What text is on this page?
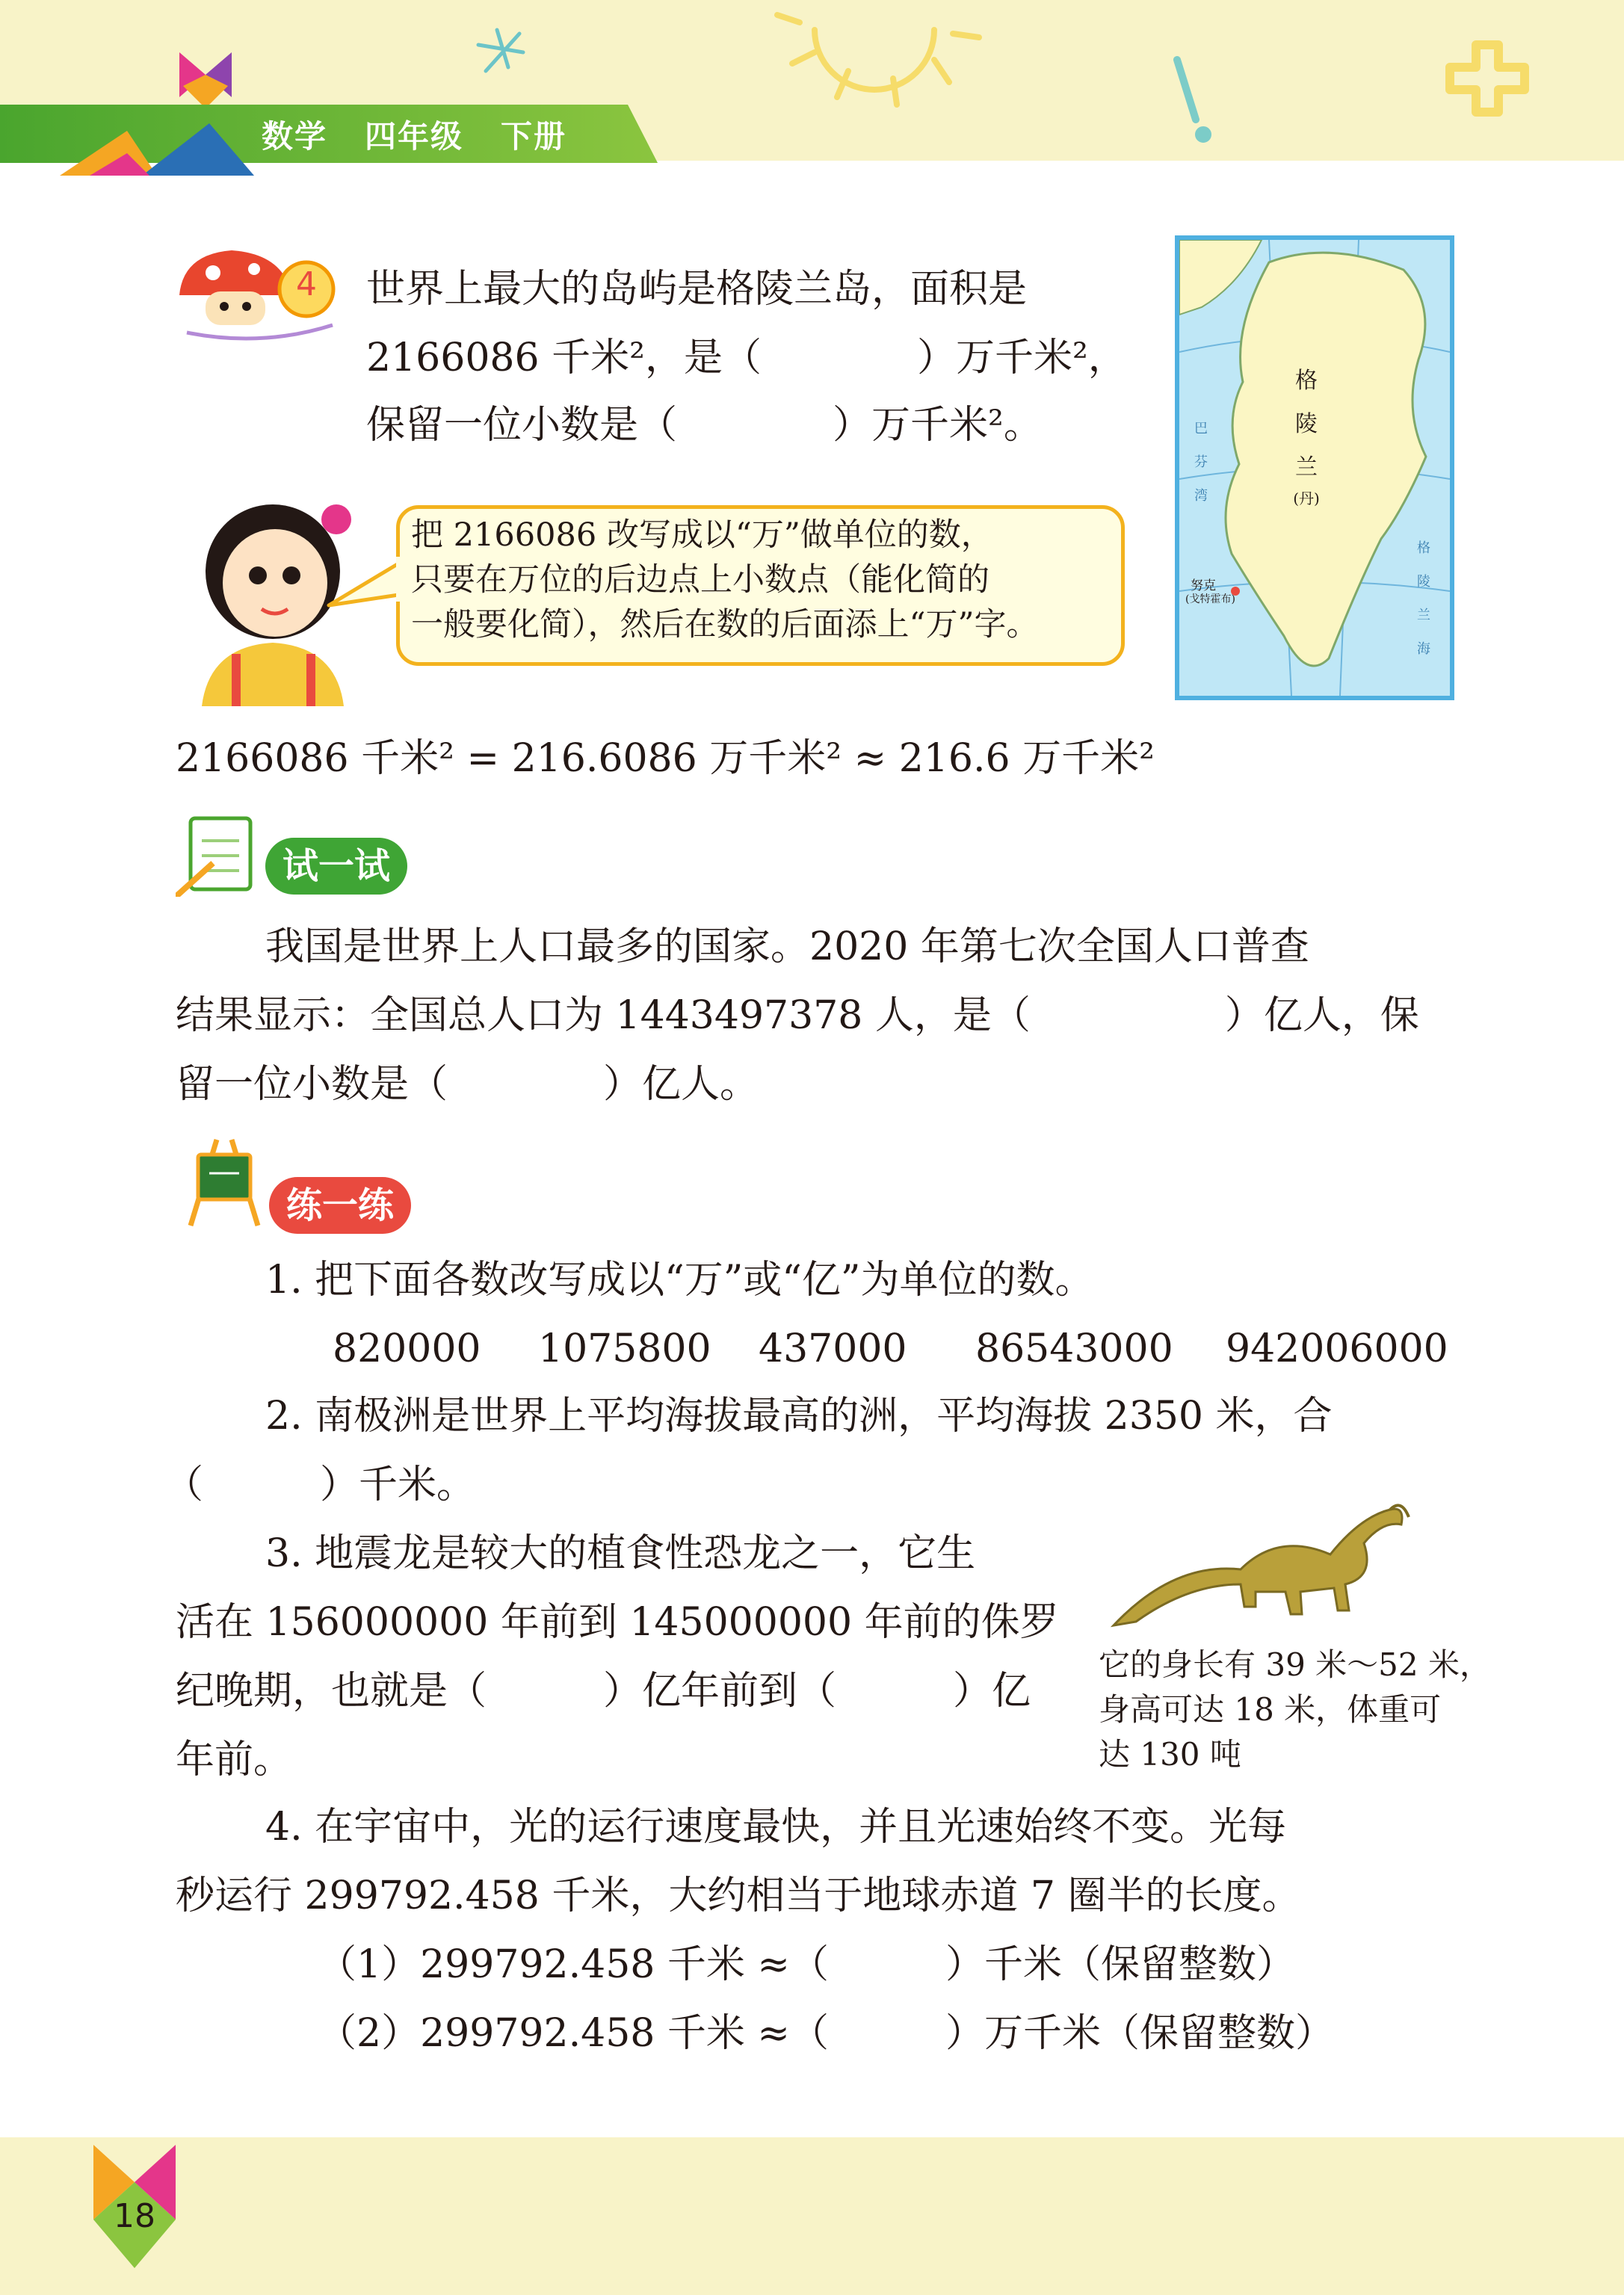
数学 四年级 下册
4	世界上最大的岛屿是格陵兰岛，面积是
2166086 千米²，是（　　　　）万千米²，
保留一位小数是（　　　　）万千米²。
把 2166086 改写成以“万”做单位的数，
只要在万位的后边点上小数点（能化简的
一般要化简），然后在数的后面添上“万”字。
格
陵
兰
(丹)
努克
(戈特霍布)
巴
芬
湾
格
陵
兰
海
2166086 千米² = 216.6086 万千米² ≈ 216.6 万千米²
试一试
我国是世界上人口最多的国家。2020 年第七次全国人口普查
结果显示：全国总人口为 1443497378 人，是（　　　　　）亿人，保
留一位小数是（　　　　）亿人。
练一练
1. 把下面各数改写成以“万”或“亿”为单位的数。
820000 1075800 437000 86543000 942006000
2. 南极洲是世界上平均海拔最高的洲，平均海拔 2350 米，合
（　　　）千米。
3. 地震龙是较大的植食性恐龙之一，它生
活在 156000000 年前到 145000000 年前的侏罗
纪晚期，也就是（　　　）亿年前到（　　　）亿
年前。
它的身长有 39 米～52 米，
身高可达 18 米，体重可
达 130 吨
4. 在宇宙中，光的运行速度最快，并且光速始终不变。光每
秒运行 299792.458 千米，大约相当于地球赤道 7 圈半的长度。
（1）299792.458 千米 ≈（　　　）千米（保留整数）
（2）299792.458 千米 ≈（　　　）万千米（保留整数）
18
